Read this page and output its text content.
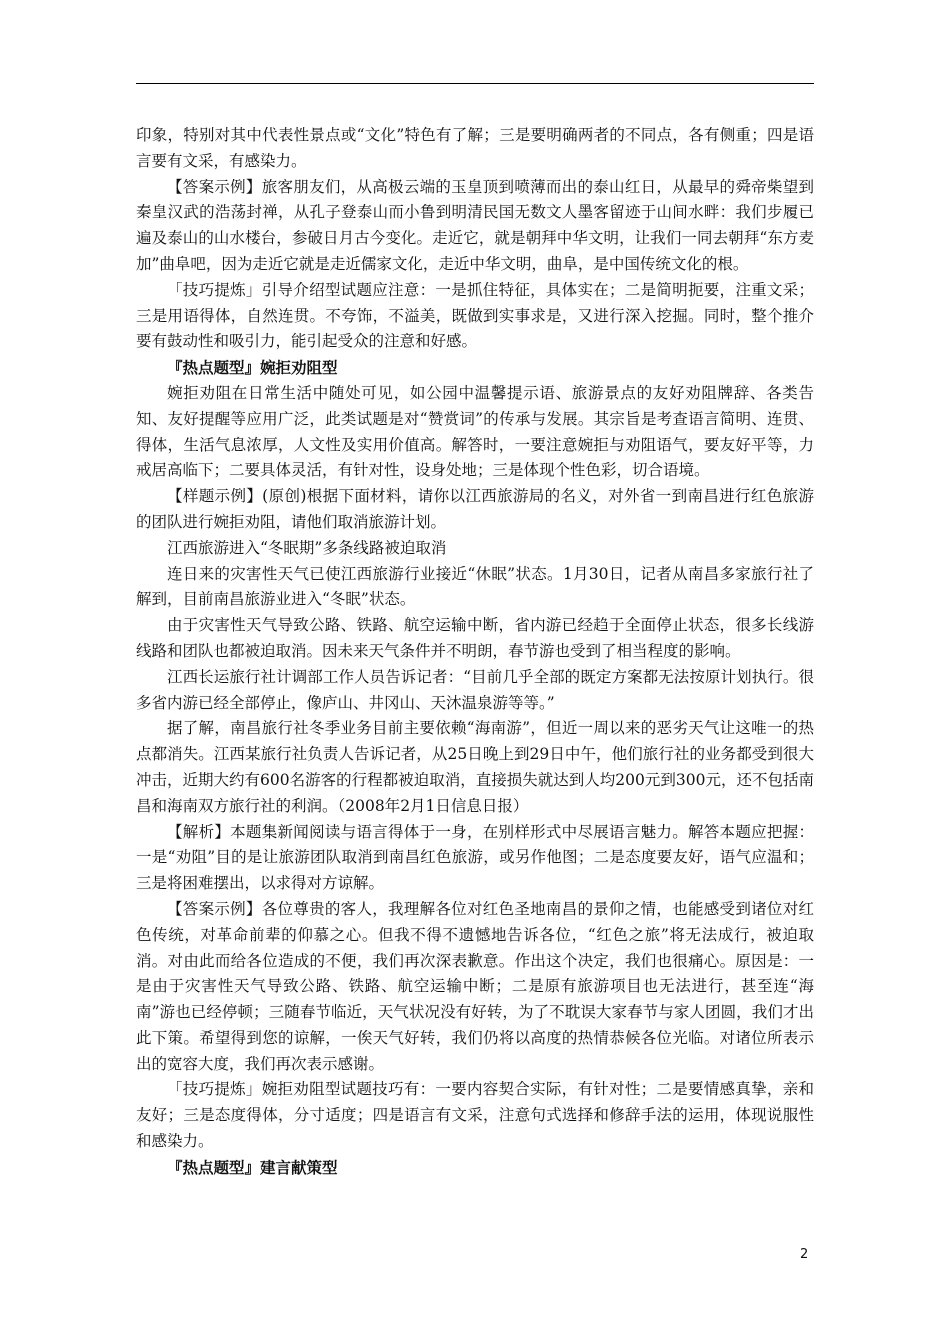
印象，特别对其中代表性景点或“文化”特色有了解；三是要明确两者的不同点，各有侧重；四是语言要有文采，有感染力。

【答案示例】旅客朋友们，从高极云端的玉皇顶到喷薄而出的泰山红日，从最早的舜帝柴望到秦皇汉武的浩荡封禅，从孔子登泰山而小鲁到明清民国无数文人墨客留迹于山间水畔：我们步履已遍及泰山的山水楼台，参破日月古今变化。走近它，就是朝拜中华文明，让我们一同去朝拜“东方麦加”曲阜吧，因为走近它就是走近儒家文化，走近中华文明，曲阜，是中国传统文化的根。

「技巧提炼」引导介绍型试题应注意：一是抓住特征，具体实在；二是简明扼要，注重文采；三是用语得体，自然连贯。不夸饰，不溢美，既做到实事求是，又进行深入挖掘。同时，整个推介要有鼓动性和吸引力，能引起受众的注意和好感。

『热点题型』婉拒劝阻型

婉拒劝阻在日常生活中随处可见，如公园中温馨提示语、旅游景点的友好劝阻牌辞、各类告知、友好提醒等应用广泛，此类试题是对“赞赏词”的传承与发展。其宗旨是考查语言简明、连贯、得体，生活气息浓厚，人文性及实用价值高。解答时，一要注意婉拒与劝阻语气，要友好平等，力戒居高临下；二要具体灵活，有针对性，设身处地；三是体现个性色彩，切合语境。

【样题示例】(原创)根据下面材料，请你以江西旅游局的名义，对外省一到南昌进行红色旅游的团队进行婉拒劝阻，请他们取消旅游计划。

江西旅游进入“冬眠期”多条线路被迫取消

连日来的灾害性天气已使江西旅游行业接近“休眠”状态。1月30日，记者从南昌多家旅行社了解到，目前南昌旅游业进入“冬眠”状态。

由于灾害性天气导致公路、铁路、航空运输中断，省内游已经趋于全面停止状态，很多长线游线路和团队也都被迫取消。因未来天气条件并不明朗，春节游也受到了相当程度的影响。

江西长运旅行社计调部工作人员告诉记者：“目前几乎全部的既定方案都无法按原计划执行。很多省内游已经全部停止，像庐山、井冈山、天沐温泉游等等。”

据了解，南昌旅行社冬季业务目前主要依赖“海南游”，但近一周以来的恶劣天气让这唯一的热点都消失。江西某旅行社负责人告诉记者，从25日晚上到29日中午，他们旅行社的业务都受到很大冲击，近期大约有600名游客的行程都被迫取消，直接损失就达到人均200元到300元，还不包括南昌和海南双方旅行社的利润。（2008年2月1日信息日报）

【解析】本题集新闻阅读与语言得体于一身，在别样形式中尽展语言魅力。解答本题应把握：一是“劝阻”目的是让旅游团队取消到南昌红色旅游，或另作他图；二是态度要友好，语气应温和；三是将困难摆出，以求得对方谅解。

【答案示例】各位尊贵的客人，我理解各位对红色圣地南昌的景仰之情，也能感受到诸位对红色传统，对革命前辈的仰慕之心。但我不得不遗憾地告诉各位，“红色之旅”将无法成行，被迫取消。对由此而给各位造成的不便，我们再次深表歉意。作出这个决定，我们也很痛心。原因是：一是由于灾害性天气导致公路、铁路、航空运输中断；二是原有旅游项目也无法进行，甚至连“海南”游也已经停顿；三随春节临近，天气状况没有好转，为了不耽误大家春节与家人团圆，我们才出此下策。希望得到您的谅解，一俟天气好转，我们仍将以高度的热情恭候各位光临。对诸位所表示出的宽容大度，我们再次表示感谢。

「技巧提炼」婉拒劝阻型试题技巧有：一要内容契合实际，有针对性；二是要情感真挚，亲和友好；三是态度得体，分寸适度；四是语言有文采，注意句式选择和修辞手法的运用，体现说服性和感染力。

『热点题型』建言献策型

2
